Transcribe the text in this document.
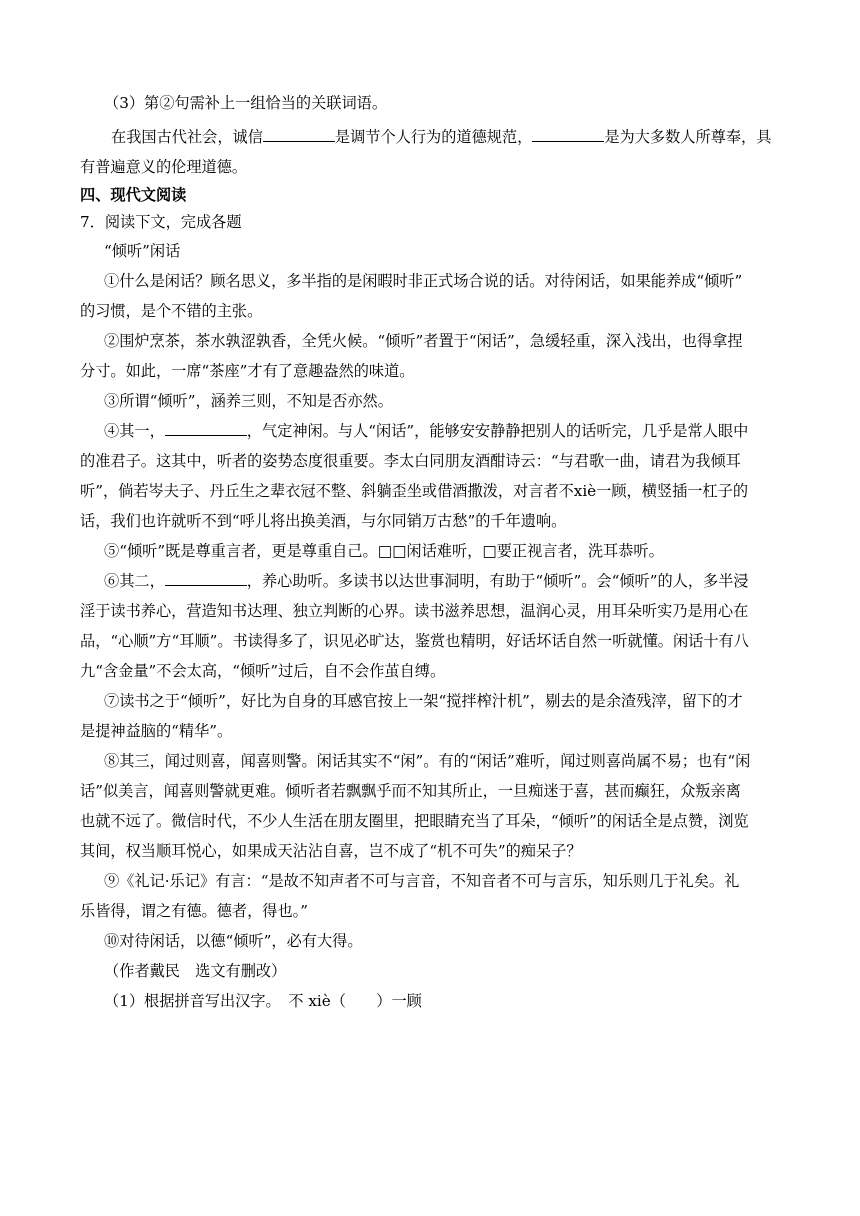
（3）第②句需补上一组恰当的关联词语。
在我国古代社会，诚信	是调节个人行为的道德规范，	是为大多数人所尊奉，具
有普遍意义的伦理道德。
四、现代文阅读
7．阅读下文，完成各题
“倾听”闲话
①什么是闲话？顾名思义，多半指的是闲暇时非正式场合说的话。对待闲话，如果能养成“倾听”
的习惯，是个不错的主张。
②围炉烹茶，茶水孰涩孰香，全凭火候。“倾听”者置于“闲话”，急缓轻重，深入浅出，也得拿捏
分寸。如此，一席“茶座”才有了意趣盎然的味道。
③所谓“倾听”，涵养三则，不知是否亦然。
④其一，	，气定神闲。与人“闲话”，能够安安静静把别人的话听完，几乎是常人眼中
的准君子。这其中，听者的姿势态度很重要。李太白同朋友酒酣诗云：“与君歌一曲，请君为我倾耳
听”，倘若岑夫子、丹丘生之辈衣冠不整、斜躺歪坐或借酒撒泼，对言者不xiè一顾，横竖插一杠子的
话，我们也许就听不到“呼儿将出换美酒，与尔同销万古愁”的千年遗响。
⑤“倾听”既是尊重言者，更是尊重自己。□□闲话难听，□要正视言者，洗耳恭听。
⑥其二，	，养心助听。多读书以达世事洞明，有助于“倾听”。会“倾听”的人，多半浸
淫于读书养心，营造知书达理、独立判断的心界。读书滋养思想，温润心灵，用耳朵听实乃是用心在
品，“心顺”方“耳顺”。书读得多了，识见必旷达，鉴赏也精明，好话坏话自然一听就懂。闲话十有八
九“含金量”不会太高，“倾听”过后，自不会作茧自缚。
⑦读书之于“倾听”，好比为自身的耳感官按上一架“搅拌榨汁机”，剔去的是余渣残滓，留下的才
是提神益脑的“精华”。
⑧其三，闻过则喜，闻喜则警。闲话其实不“闲”。有的“闲话”难听，闻过则喜尚属不易；也有“闲
话”似美言，闻喜则警就更难。倾听者若飘飘乎而不知其所止，一旦痴迷于喜，甚而癫狂，众叛亲离
也就不远了。微信时代，不少人生活在朋友圈里，把眼睛充当了耳朵，“倾听”的闲话全是点赞，浏览
其间，权当顺耳悦心，如果成天沾沾自喜，岂不成了“机不可失”的痴呆子？
⑨《礼记·乐记》有言：“是故不知声者不可与言音，不知音者不可与言乐，知乐则几于礼矣。礼
乐皆得，谓之有德。德者，得也。”
⑩对待闲话，以德“倾听”，必有大得。
（作者戴民　选文有删改）
（1）根据拼音写出汉字。　不 xiè（　　）一顾
